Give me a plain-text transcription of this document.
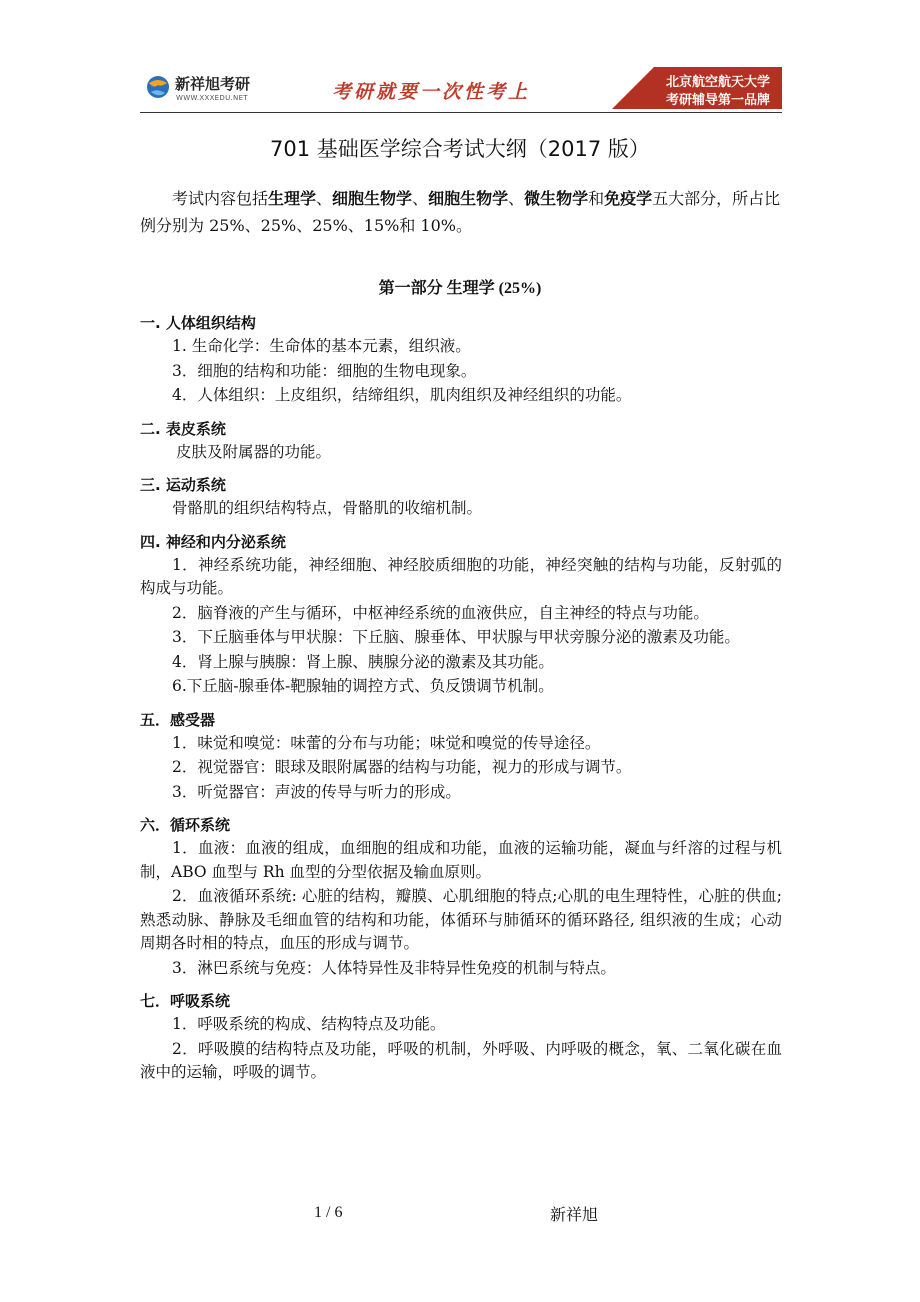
新祥旭考研
WWW.XXXEDU.NET	考研就要一次性考上	北京航空航天大学
考研辅导第一品牌
701 基础医学综合考试大纲（2017 版）

考试内容包括生理学、细胞生物学、细胞生物学、微生物学和免疫学五大部分，所占比例分别为 25%、25%、25%、15%和 10%。

第一部分 生理学 (25%)

一. 人体组织结构

1. 生命化学：生命体的基本元素，组织液。

3．细胞的结构和功能：细胞的生物电现象。

4．人体组织：上皮组织，结缔组织，肌肉组织及神经组织的功能。

二. 表皮系统

皮肤及附属器的功能。

三. 运动系统

骨骼肌的组织结构特点，骨骼肌的收缩机制。

四. 神经和内分泌系统

1．神经系统功能，神经细胞、神经胶质细胞的功能，神经突触的结构与功能，反射弧的构成与功能。

2．脑脊液的产生与循环，中枢神经系统的血液供应，自主神经的特点与功能。

3．下丘脑垂体与甲状腺：下丘脑、腺垂体、甲状腺与甲状旁腺分泌的激素及功能。

4．肾上腺与胰腺：肾上腺、胰腺分泌的激素及其功能。

6.下丘脑-腺垂体-靶腺轴的调控方式、负反馈调节机制。

五．感受器

1．味觉和嗅觉：味蕾的分布与功能；味觉和嗅觉的传导途径。

2．视觉器官：眼球及眼附属器的结构与功能，视力的形成与调节。

3．听觉器官：声波的传导与听力的形成。

六．循环系统

1．血液：血液的组成，血细胞的组成和功能，血液的运输功能，凝血与纤溶的过程与机制，ABO 血型与 Rh 血型的分型依据及输血原则。

2．血液循环系统: 心脏的结构，瓣膜、心肌细胞的特点;心肌的电生理特性，心脏的供血; 熟悉动脉、静脉及毛细血管的结构和功能，体循环与肺循环的循环路径, 组织液的生成；心动周期各时相的特点，血压的形成与调节。

3．淋巴系统与免疫：人体特异性及非特异性免疫的机制与特点。

七．呼吸系统

1．呼吸系统的构成、结构特点及功能。

2．呼吸膜的结构特点及功能，呼吸的机制，外呼吸、内呼吸的概念，氧、二氧化碳在血液中的运输，呼吸的调节。

1 / 6	新祥旭
